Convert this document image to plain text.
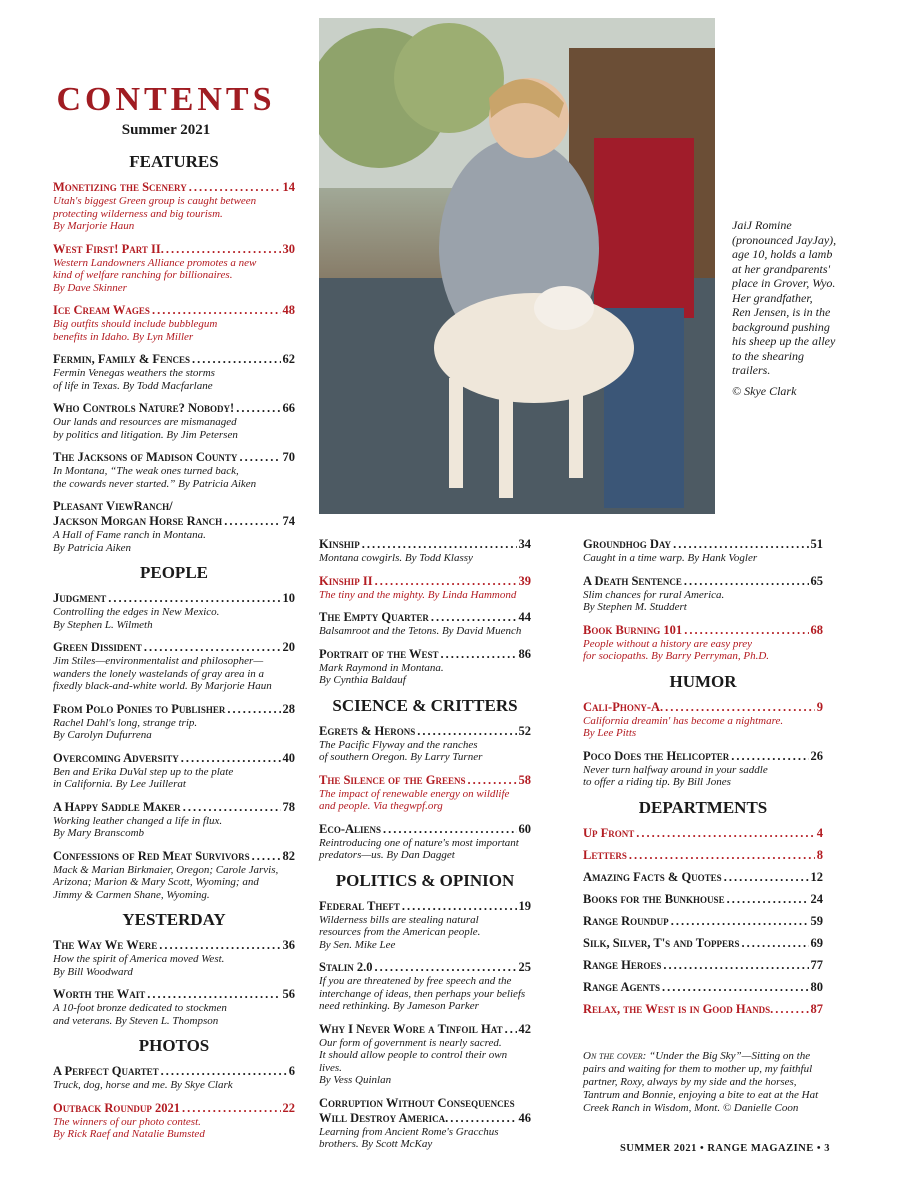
CONTENTS
Summer 2021
FEATURES
Monetizing the Scenery .....	14
Utah's biggest Green group is caught between
protecting wilderness and big tourism.
By Marjorie Haun
West First! Part II. .....	30
Western Landowners Alliance promotes a new
kind of welfare ranching for billionaires.
By Dave Skinner
Ice Cream Wages .....	48
Big outfits should include bubblegum
benefits in Idaho. By Lyn Miller
Fermin, Family & Fences .....	62
Fermin Venegas weathers the storms
of life in Texas. By Todd Macfarlane
Who Controls Nature? Nobody! .....	66
Our lands and resources are mismanaged
by politics and litigation. By Jim Petersen
The Jacksons of Madison County .....	70
In Montana, “The weak ones turned back,
the cowards never started.” By Patricia Aiken
Pleasant ViewRanch/
Jackson Morgan Horse Ranch .....	74
A Hall of Fame ranch in Montana.
By Patricia Aiken
PEOPLE
Judgment .....	10
Controlling the edges in New Mexico.
By Stephen L. Wilmeth
Green Dissident .....	20
Jim Stiles—environmentalist and philosopher—
wanders the lonely wastelands of gray area in a
fixedly black-and-white world. By Marjorie Haun
From Polo Ponies to Publisher .....	28
Rachel Dahl's long, strange trip.
By Carolyn Dufurrena
Overcoming Adversity .....	40
Ben and Erika DuVal step up to the plate
in California. By Lee Juillerat
A Happy Saddle Maker .....	78
Working leather changed a life in flux.
By Mary Branscomb
Confessions of Red Meat Survivors .....	82
Mack & Marian Birkmaier, Oregon; Carole Jarvis,
Arizona; Marion & Mary Scott, Wyoming; and
Jimmy & Carmen Shane, Wyoming.
YESTERDAY
The Way We Were .....	36
How the spirit of America moved West.
By Bill Woodward
Worth the Wait .....	56
A 10-foot bronze dedicated to stockmen
and veterans. By Steven L. Thompson
PHOTOS
A Perfect Quartet .....	6
Truck, dog, horse and me. By Skye Clark
Outback Roundup 2021 .....	22
The winners of our photo contest.
By Rick Raef and Natalie Bumsted
JaiJ Romine
(pronounced JayJay),
age 10, holds a lamb
at her grandparents'
place in Grover, Wyo.
Her grandfather,
Ren Jensen, is in the
background pushing
his sheep up the alley
to the shearing
trailers.
© Skye Clark
Kinship .....	34
Montana cowgirls. By Todd Klassy
Kinship II .....	39
The tiny and the mighty. By Linda Hammond
The Empty Quarter .....	44
Balsamroot and the Tetons. By David Muench
Portrait of the West .....	86
Mark Raymond in Montana.
By Cynthia Baldauf
SCIENCE & CRITTERS
Egrets & Herons .....	52
The Pacific Flyway and the ranches
of southern Oregon. By Larry Turner
The Silence of the Greens .....	58
The impact of renewable energy on wildlife
and people. Via thegwpf.org
Eco-Aliens .....	60
Reintroducing one of nature's most important
predators—us. By Dan Dagget
POLITICS & OPINION
Federal Theft .....	19
Wilderness bills are stealing natural
resources from the American people.
By Sen. Mike Lee
Stalin 2.0 .....	25
If you are threatened by free speech and the
interchange of ideas, then perhaps your beliefs
need rethinking. By Jameson Parker
Why I Never Wore a Tinfoil Hat ..... 42
Our form of government is nearly sacred.
It should allow people to control their own lives.
By Vess Quinlan
Corruption Without Consequences
Will Destroy America. .....	46
Learning from Ancient Rome's Gracchus
brothers. By Scott McKay
Groundhog Day .....	51
Caught in a time warp. By Hank Vogler
A Death Sentence .....	65
Slim chances for rural America.
By Stephen M. Studdert
Book Burning 101 .....	68
People without a history are easy prey
for sociopaths. By Barry Perryman, Ph.D.
HUMOR
Cali-Phony-A. .....	9
California dreamin' has become a nightmare.
By Lee Pitts
Poco Does the Helicopter .....	26
Never turn halfway around in your saddle
to offer a riding tip. By Bill Jones
DEPARTMENTS
Up Front .....	4
Letters .....	8
Amazing Facts & Quotes .....	12
Books for the Bunkhouse .....	24
Range Roundup .....	59
Silk, Silver, T's and Toppers .....	69
Range Heroes .....	77
Range Agents .....	80
Relax, the West is in Good Hands. .....	87
On the cover: “Under the Big Sky”—Sitting on the pairs and waiting for them to mother up, my faithful partner, Roxy, always by my side and the horses, Tantrum and Bonnie, enjoying a bite to eat at the Hat Creek Ranch in Wisdom, Mont. © Danielle Coon
SUMMER 2021 • RANGE MAGAZINE • 3
